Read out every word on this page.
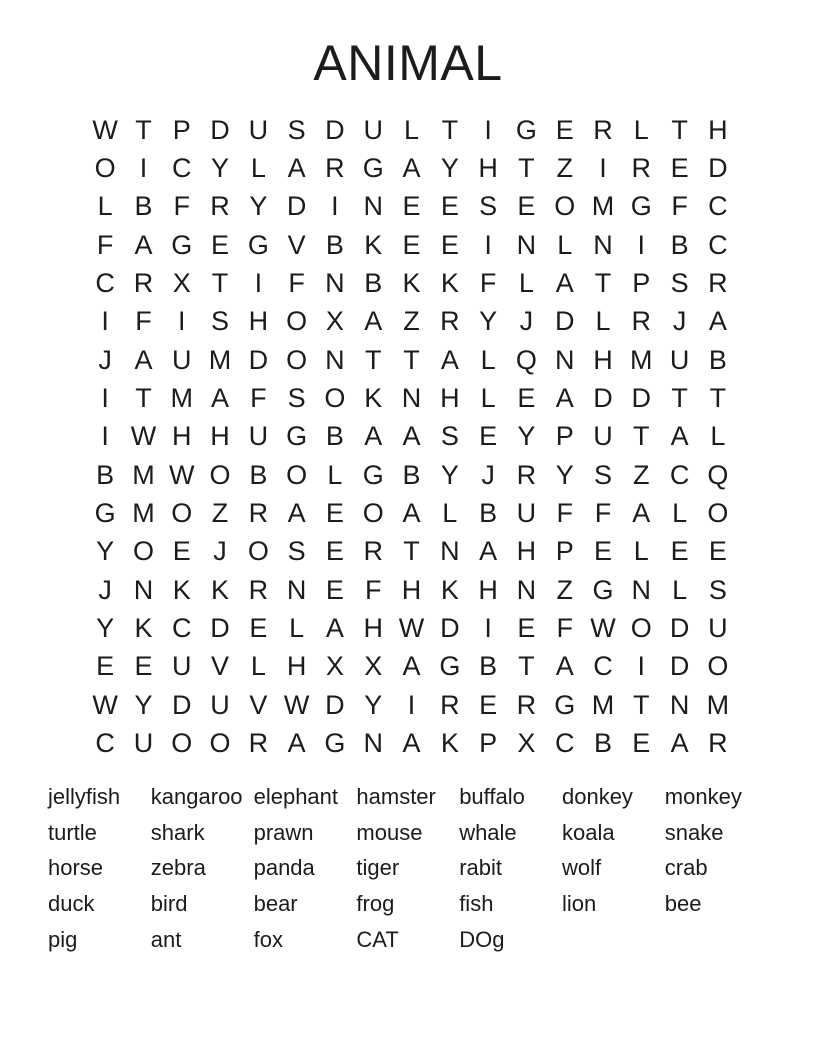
ANIMAL
W T P D U S D U L T I G E R L T H
O I C Y L A R G A Y H T Z I R E D
L B F R Y D I N E E S E O M G F C
F A G E G V B K E E I N L N I B C
C R X T I F N B K K F L A T P S R
I F I S H O X A Z R Y J D L R J A
J A U M D O N T T A L Q N H M U B
I T M A F S O K N H L E A D D T T
I W H H U G B A A S E Y P U T A L
B M W O B O L G B Y J R Y S Z C Q
G M O Z R A E O A L B U F F A L O
Y O E J O S E R T N A H P E L E E
J N K K R N E F H K H N Z G N L S
Y K C D E L A H W D I E F W O D U
E E U V L H X X A G B T A C I D O
W Y D U V W D Y I R E R G M T N M
C U O O R A G N A K P X C B E A R
jellyfish	kangaroo elephant hamster	buffalo	donkey	monkey
turtle	shark	prawn	mouse	whale	koala	snake
horse	zebra	panda	tiger	rabit	wolf	crab
duck	bird	bear	frog	fish	lion	bee
pig	ant	fox	CAT	DOg
